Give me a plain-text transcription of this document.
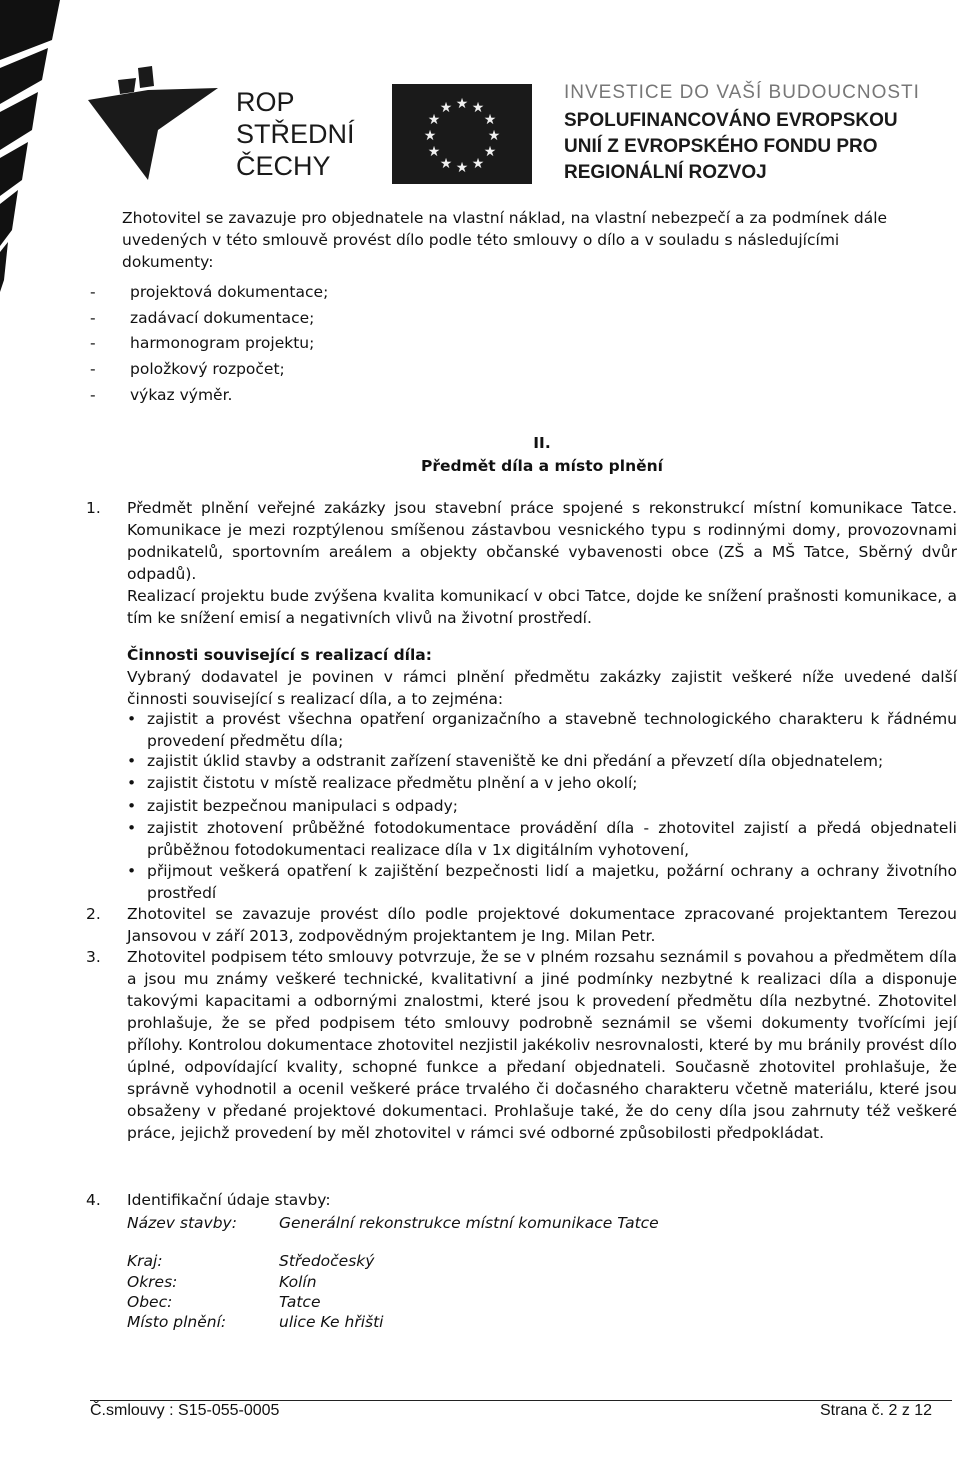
ROP
STŘEDNÍ
ČECHY
★ ★
★
★
★
★
★
★
★
★
★
★
INVESTICE DO VAŠÍ BUDOUCNOSTI
SPOLUFINANCOVÁNO EVROPSKOU
UNIÍ Z EVROPSKÉHO FONDU PRO
REGIONÁLNÍ ROZVOJ
Zhotovitel se zavazuje pro objednatele na vlastní náklad, na vlastní nebezpečí a za podmínek dále
uvedených v této smlouvě provést dílo podle této smlouvy o dílo a v souladu s následujícími
dokumenty:
- projektová dokumentace;
- zadávací dokumentace;
- harmonogram projektu;
- položkový rozpočet;
- výkaz výměr.
II.
Předmět díla a místo plnění
1.	Předmět plnění veřejné zakázky jsou stavební práce spojené s rekonstrukcí místní komunikace Tatce. Komunikace je mezi rozptýlenou smíšenou zástavbou vesnického typu s rodinnými domy, provozovnami podnikatelů, sportovním areálem a objekty občanské vybavenosti obce (ZŠ a MŠ Tatce, Sběrný dvůr odpadů).
Realizací projektu bude zvýšena kvalita komunikací v obci Tatce, dojde ke snížení prašnosti komunikace, a tím ke snížení emisí a negativních vlivů na životní prostředí.
Činnosti související s realizací díla:
Vybraný dodavatel je povinen v rámci plnění předmětu zakázky zajistit veškeré níže uvedené další činnosti související s realizací díla, a to zejména:
• zajistit a provést všechna opatření organizačního a stavebně technologického charakteru k řádnému provedení předmětu díla;
• zajistit úklid stavby a odstranit zařízení staveniště ke dni předání a převzetí díla objednatelem;
• zajistit čistotu v místě realizace předmětu plnění a v jeho okolí;
• zajistit bezpečnou manipulaci s odpady;
• zajistit zhotovení průběžné fotodokumentace provádění díla - zhotovitel zajistí a předá objednateli průběžnou fotodokumentaci realizace díla v 1x digitálním vyhotovení,
• přijmout veškerá opatření k zajištění bezpečnosti lidí a majetku, požární ochrany a ochrany životního prostředí
2.	Zhotovitel se zavazuje provést dílo podle projektové dokumentace zpracované projektantem Terezou Jansovou v září 2013, zodpovědným projektantem je Ing. Milan Petr.
3.	Zhotovitel podpisem této smlouvy potvrzuje, že se v plném rozsahu seznámil s povahou a předmětem díla a jsou mu známy veškeré technické, kvalitativní a jiné podmínky nezbytné k realizaci díla a disponuje takovými kapacitami a odbornými znalostmi, které jsou k provedení předmětu díla nezbytné. Zhotovitel prohlašuje, že se před podpisem této smlouvy podrobně seznámil se všemi dokumenty tvořícími její přílohy. Kontrolou dokumentace zhotovitel nezjistil jakékoliv nesrovnalosti, které by mu bránily provést dílo úplné, odpovídající kvality, schopné funkce a předaní objednateli. Současně zhotovitel prohlašuje, že správně vyhodnotil a ocenil veškeré práce trvalého či dočasného charakteru včetně materiálu, které jsou obsaženy v předané projektové dokumentaci. Prohlašuje také, že do ceny díla jsou zahrnuty též veškeré práce, jejichž provedení by měl zhotovitel v rámci své odborné způsobilosti předpokládat.
4.	Identifikační údaje stavby:
Název stavby:	Generální rekonstrukce místní komunikace Tatce
Kraj:	Středočeský
Okres:	Kolín
Obec:	Tatce
Místo plnění:	ulice Ke hřišti
Č.smlouvy : S15-055-0005	Strana č. 2 z 12
